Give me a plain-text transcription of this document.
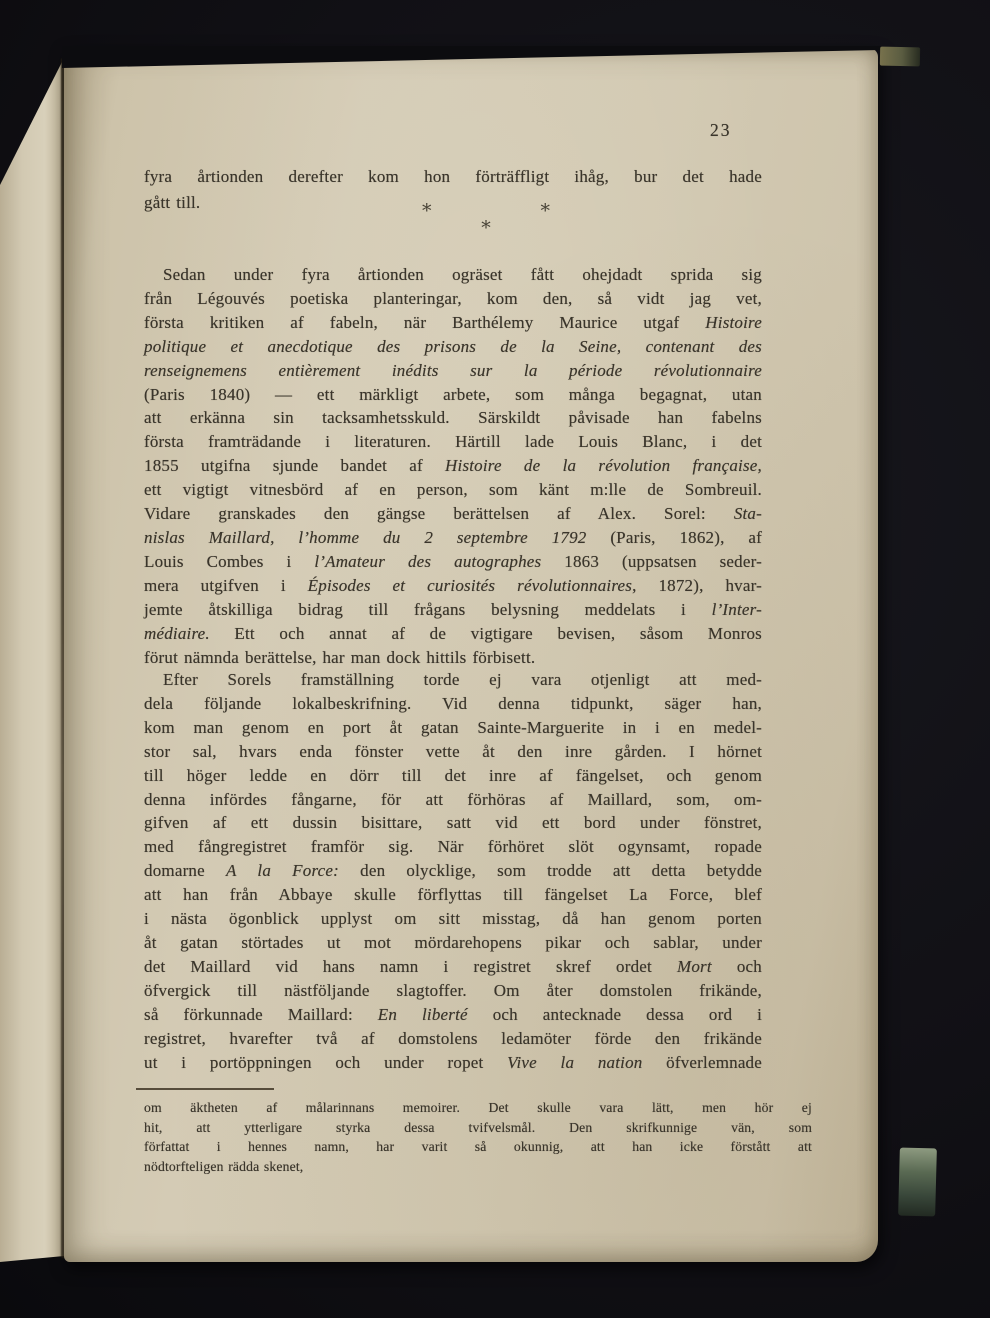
23
fyra årtionden derefter kom hon förträffligt ihåg, bur det hade
gått till.	*	*
*
Sedan under fyra årtionden ogräset fått ohejdadt sprida sig
från Légouvés poetiska planteringar, kom den, så vidt jag vet,
första kritiken af fabeln, när Barthélemy Maurice utgaf Histoire
politique et anecdotique des prisons de la Seine, contenant des
renseignemens entièrement inédits sur la période révolutionnaire
(Paris 1840) — ett märkligt arbete, som många begagnat, utan
att erkänna sin tacksamhetsskuld. Särskildt påvisade han fabelns
första framträdande i literaturen. Härtill lade Louis Blanc, i det
1855 utgifna sjunde bandet af Histoire de la révolution française,
ett vigtigt vitnesbörd af en person, som känt m:lle de Sombreuil.
Vidare granskades den gängse berättelsen af Alex. Sorel: Sta-
nislas Maillard, l’homme du 2 septembre 1792 (Paris, 1862), af
Louis Combes i l’Amateur des autographes 1863 (uppsatsen seder-
mera utgifven i Épisodes et curiosités révolutionnaires, 1872), hvar-
jemte åtskilliga bidrag till frågans belysning meddelats i l’Inter-
médiaire. Ett och annat af de vigtigare bevisen, såsom Monros
förut nämnda berättelse, har man dock hittils förbisett.
Efter Sorels framställning torde ej vara otjenligt att med-
dela följande lokalbeskrifning. Vid denna tidpunkt, säger han,
kom man genom en port åt gatan Sainte-Marguerite in i en medel-
stor sal, hvars enda fönster vette åt den inre gården. I hörnet
till höger ledde en dörr till det inre af fängelset, och genom
denna infördes fångarne, för att förhöras af Maillard, som, om-
gifven af ett dussin bisittare, satt vid ett bord under fönstret,
med fångregistret framför sig. När förhöret slöt ogynsamt, ropade
domarne A la Force: den olycklige, som trodde att detta betydde
att han från Abbaye skulle förflyttas till fängelset La Force, blef
i nästa ögonblick upplyst om sitt misstag, då han genom porten
åt gatan störtades ut mot mördarehopens pikar och sablar, under
det Maillard vid hans namn i registret skref ordet Mort och
öfvergick till nästföljande slagtoffer. Om åter domstolen frikände,
så förkunnade Maillard: En liberté och antecknade dessa ord i
registret, hvarefter två af domstolens ledamöter förde den frikände
ut i portöppningen och under ropet Vive la nation öfverlemnade
om äktheten af målarinnans memoirer. Det skulle vara lätt, men hör ej
hit, att ytterligare styrka dessa tvifvelsmål. Den skrifkunnige vän, som
författat i hennes namn, har varit så okunnig, att han icke förstått att
nödtorfteligen rädda skenet,
